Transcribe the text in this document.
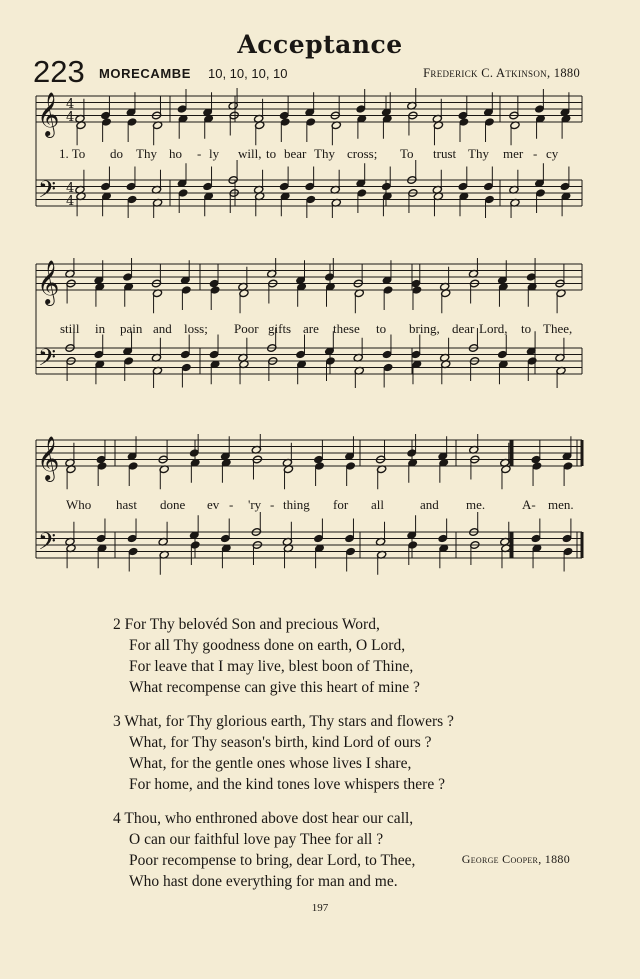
Acceptance
223 MORECAMBE 10, 10, 10, 10	Frederick C. Atkinson, 1880
𝄞
𝄢
4
4
4
4
𝄞
𝄢
𝄞
𝄢
1. To do Thy ho - ly will, to bear Thy cross; To trust Thy mer - cy
still in pain and loss; Poor gifts are these to bring, dear Lord, to Thee,
Who hast done ev - 'ry - thing for all	and me.	A- men.
2 For Thy belovéd Son and precious Word,
For all Thy goodness done on earth, O Lord,
For leave that I may live, blest boon of Thine,
What recompense can give this heart of mine ?
3 What, for Thy glorious earth, Thy stars and flowers ?
What, for Thy season's birth, kind Lord of ours ?
What, for the gentle ones whose lives I share,
For home, and the kind tones love whispers there ?
4 Thou, who enthroned above dost hear our call,
O can our faithful love pay Thee for all ?
Poor recompense to bring, dear Lord, to Thee,
Who hast done everything for man and me.
George Cooper, 1880
197
